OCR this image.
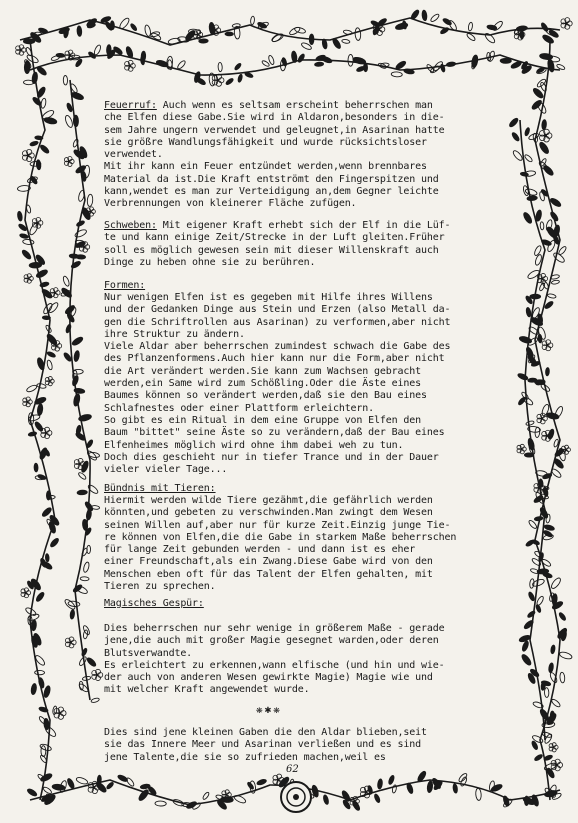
Feuerruf: Auch wenn es seltsam erscheint beherrschen man
che Elfen diese Gabe.Sie wird in Aldaron,besonders in die-
sem Jahre ungern verwendet und geleugnet,in Asarinan hatte
sie größre Wandlungsfähigkeit und wurde rücksichtsloser
verwendet.
Mit ihr kann ein Feuer entzündet werden,wenn brennbares
Material da ist.Die Kraft entströmt den Fingerspitzen und
kann,wendet es man zur Verteidigung an,dem Gegner leichte
Verbrennungen von kleinerer Fläche zufügen.
Schweben: Mit eigener Kraft erhebt sich der Elf in die Lüf-
te und kann einige Zeit/Strecke in der Luft gleiten.Früher
soll es möglich gewesen sein mit dieser Willenskraft auch
Dinge zu heben ohne sie zu berühren.
Formen:
Nur wenigen Elfen ist es gegeben mit Hilfe ihres Willens
und der Gedanken Dinge aus Stein und Erzen (also Metall da-
gen die Schriftrollen aus Asarinan) zu verformen,aber nicht
ihre Struktur zu ändern.
Viele Aldar aber beherrschen zumindest schwach die Gabe des
des Pflanzenformens.Auch hier kann nur die Form,aber nicht
die Art verändert werden.Sie kann zum Wachsen gebracht
werden,ein Same wird zum Schößling.Oder die Äste eines
Baumes können so verändert werden,daß sie den Bau eines
Schlafnestes oder einer Plattform erleichtern.
So gibt es ein Ritual in dem eine Gruppe von Elfen den
Baum "bittet" seine Äste so zu verändern,daß der Bau eines
Elfenheimes möglich wird ohne ihm dabei weh zu tun.
Doch dies geschieht nur in tiefer Trance und in der Dauer
vieler vieler Tage...
Bündnis mit Tieren:
Hiermit werden wilde Tiere gezähmt,die gefährlich werden
könnten,und gebeten zu verschwinden.Man zwingt dem Wesen
seinen Willen auf,aber nur für kurze Zeit.Einzig junge Tie-
re können von Elfen,die die Gabe in starkem Maße beherrschen
für lange Zeit gebunden werden - und dann ist es eher
einer Freundschaft,als ein Zwang.Diese Gabe wird von den
Menschen eben oft für das Talent der Elfen gehalten, mit
Tieren zu sprechen.
Magisches Gespür:
Dies beherrschen nur sehr wenige in größerem Maße - gerade
jene,die auch mit großer Magie gesegnet warden,oder deren
Blutsverwandte.
Es erleichtert zu erkennen,wann elfische (und hin und wie-
der auch von anderen Wesen gewirkte Magie) Magie wie und
mit welcher Kraft angewendet wurde.
❋✱❋
Dies sind jene kleinen Gaben die den Aldar blieben,seit
sie das Innere Meer und Asarinan verließen und es sind
jene Talente,die sie so zufrieden machen,weil es
62
